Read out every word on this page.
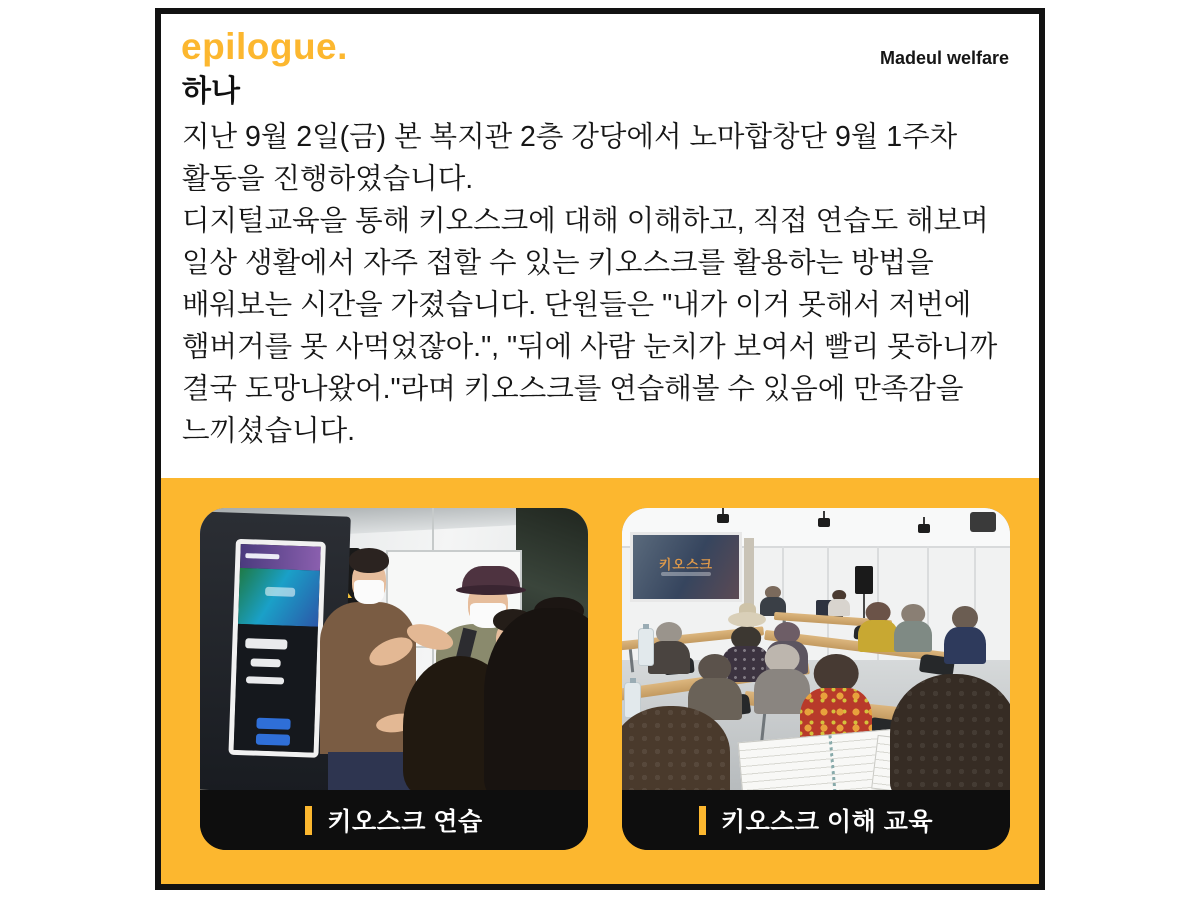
epilogue.
하나
Madeul welfare
지난 9월 2일(금) 본 복지관 2층 강당에서 노마합창단 9월 1주차
활동을 진행하였습니다.
디지털교육을 통해 키오스크에 대해 이해하고, 직접 연습도 해보며
일상 생활에서 자주 접할 수 있는 키오스크를 활용하는 방법을
배워보는 시간을 가졌습니다. 단원들은 "내가 이거 못해서 저번에
햄버거를 못 사먹었잖아.", "뒤에 사람 눈치가 보여서 빨리 못하니까
결국 도망나왔어."라며 키오스크를 연습해볼 수 있음에 만족감을
느끼셨습니다.
키오스크 연습
키오스크
키오스크 이해 교육
